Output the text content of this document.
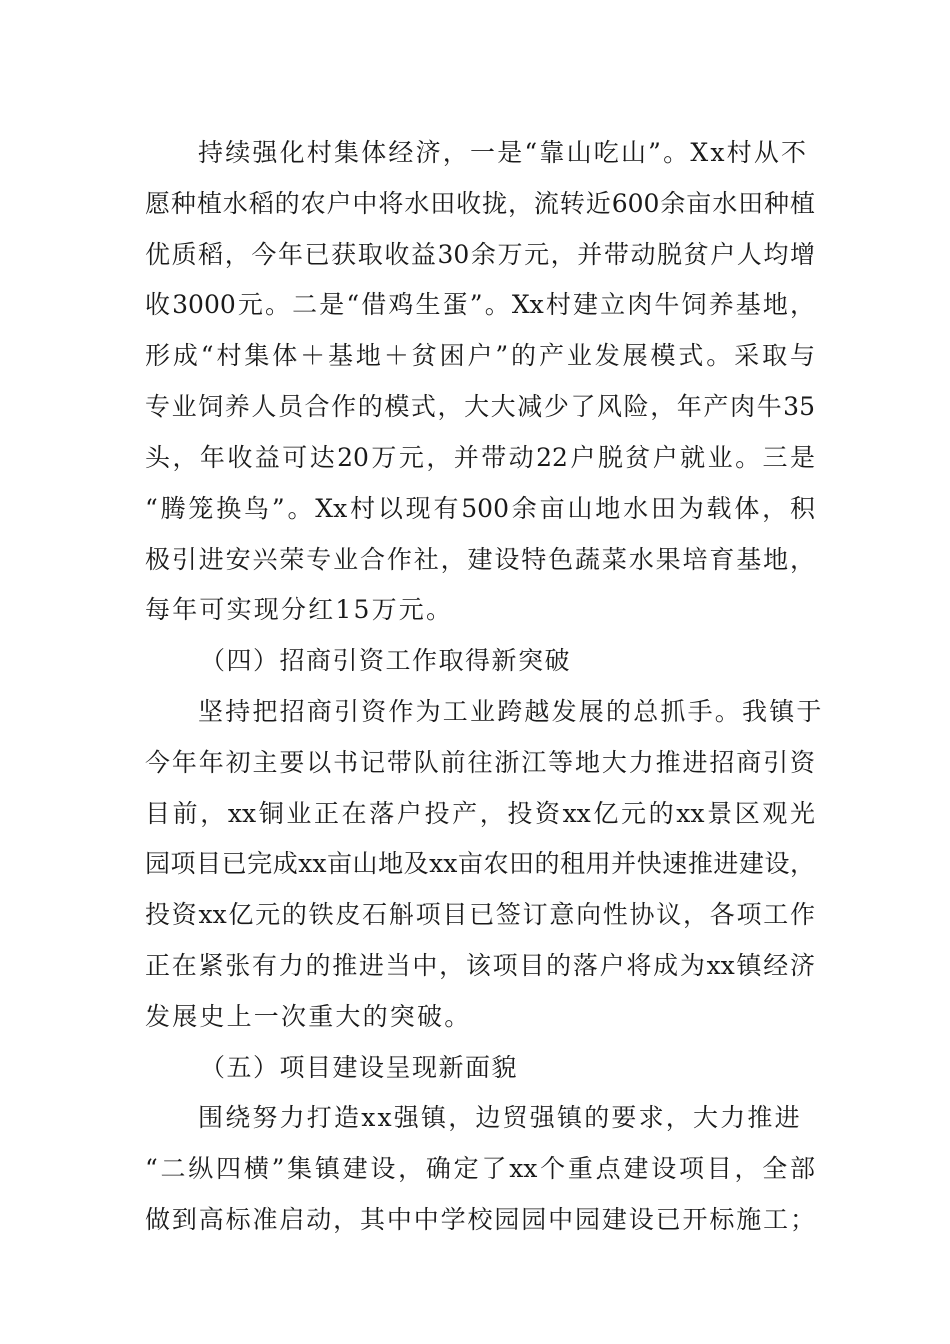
持续强化村集体经济，一是“靠山吃山”。Xx村从不
愿种植水稻的农户中将水田收拢，流转近600余亩水田种植
优质稻，今年已获取收益30余万元，并带动脱贫户人均增
收3000元。二是“借鸡生蛋”。Xx村建立肉牛饲养基地，
形成“村集体＋基地＋贫困户”的产业发展模式。采取与
专业饲养人员合作的模式，大大减少了风险，年产肉牛35
头，年收益可达20万元，并带动22户脱贫户就业。三是
“腾笼换鸟”。Xx村以现有500余亩山地水田为载体，积
极引进安兴荣专业合作社，建设特色蔬菜水果培育基地，
每年可实现分红15万元。
（四）招商引资工作取得新突破
坚持把招商引资作为工业跨越发展的总抓手。我镇于
今年年初主要以书记带队前往浙江等地大力推进招商引资
目前，xx铜业正在落户投产，投资xx亿元的xx景区观光
园项目已完成xx亩山地及xx亩农田的租用并快速推进建设，
投资xx亿元的铁皮石斛项目已签订意向性协议，各项工作
正在紧张有力的推进当中，该项目的落户将成为xx镇经济
发展史上一次重大的突破。
（五）项目建设呈现新面貌
围绕努力打造xx强镇，边贸强镇的要求，大力推进
“二纵四横”集镇建设，确定了xx个重点建设项目，全部
做到高标准启动，其中中学校园园中园建设已开标施工；
